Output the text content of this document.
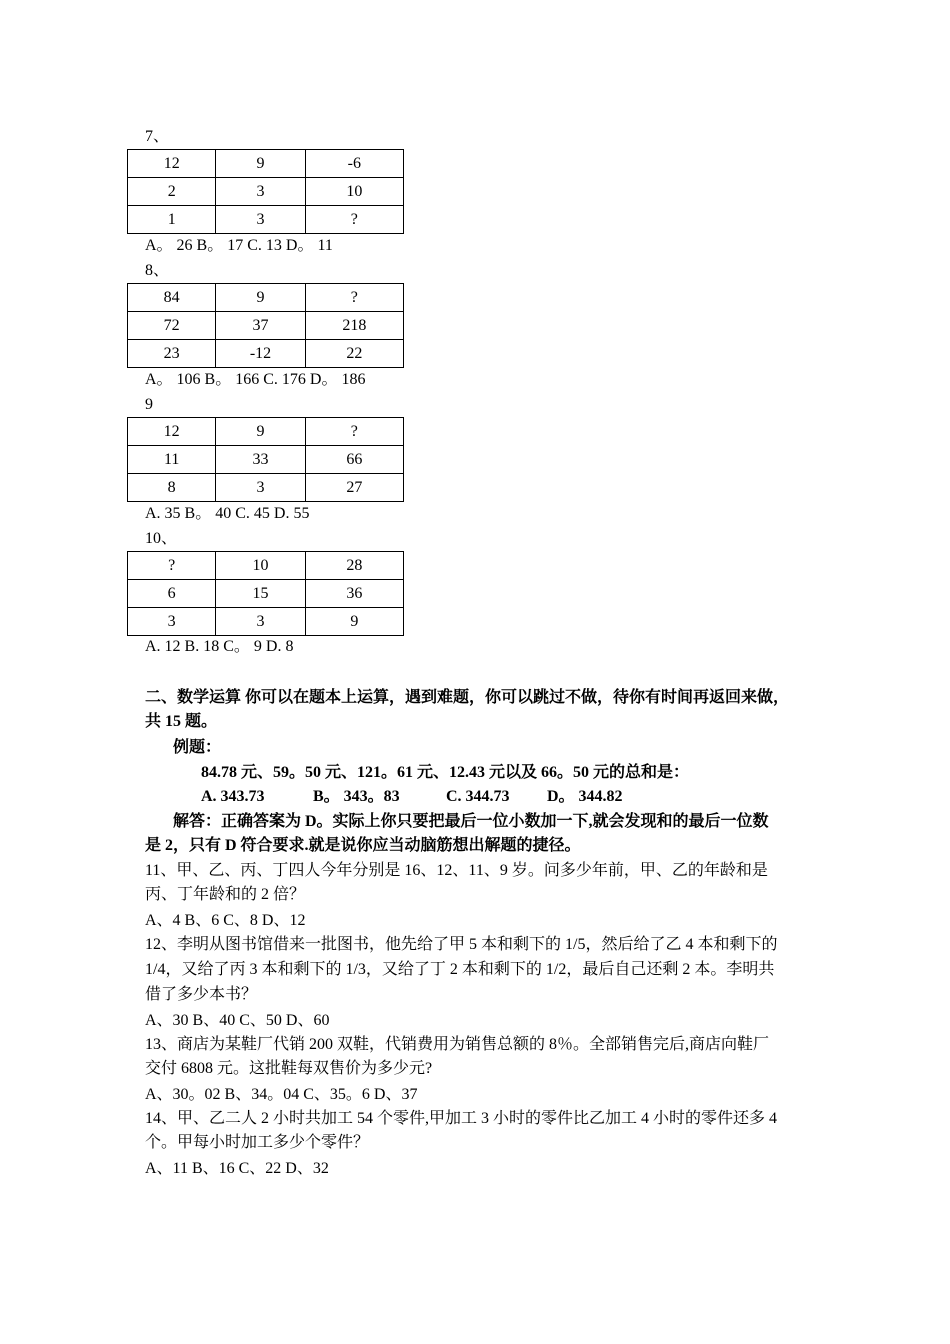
7、
12	9	-6
2	3	10
1	3	?
A。 26 B。 17 C. 13 D。 11
8、
84	9	?
72	37	218
23	-12	22
A。 106 B。 166 C. 176 D。 186
9
12	9	?
11	33	66
8	3	27
A. 35 B。 40 C. 45 D. 55
10、
?	10	28
6	15	36
3	3	9
A. 12 B. 18 C。 9 D. 8
二、数学运算 你可以在题本上运算，遇到难题，你可以跳过不做，待你有时间再返回来做，
共 15 题。
例题：
84.78 元、59。50 元、121。61 元、12.43 元以及 66。50 元的总和是：
A. 343.73	B。 343。83	C. 344.73 D。 344.82
解答：正确答案为 D。实际上你只要把最后一位小数加一下,就会发现和的最后一位数
是 2，只有 D 符合要求.就是说你应当动脑筋想出解题的捷径。
11、甲、乙、丙、丁四人今年分别是 16、12、11、9 岁。问多少年前，甲、乙的年龄和是
丙、丁年龄和的 2 倍？
A、4 B、6 C、8 D、12
12、李明从图书馆借来一批图书，他先给了甲 5 本和剩下的 1/5，然后给了乙 4 本和剩下的
1/4，又给了丙 3 本和剩下的 1/3，又给了丁 2 本和剩下的 1/2，最后自己还剩 2 本。李明共
借了多少本书？
A、30 B、40 C、50 D、60
13、商店为某鞋厂代销 200 双鞋，代销费用为销售总额的 8％。全部销售完后,商店向鞋厂
交付 6808 元。这批鞋每双售价为多少元?
A、30。02 B、34。04 C、35。6 D、37
14、甲、乙二人 2 小时共加工 54 个零件,甲加工 3 小时的零件比乙加工 4 小时的零件还多 4
个。甲每小时加工多少个零件？
A、11 B、16 C、22 D、32
